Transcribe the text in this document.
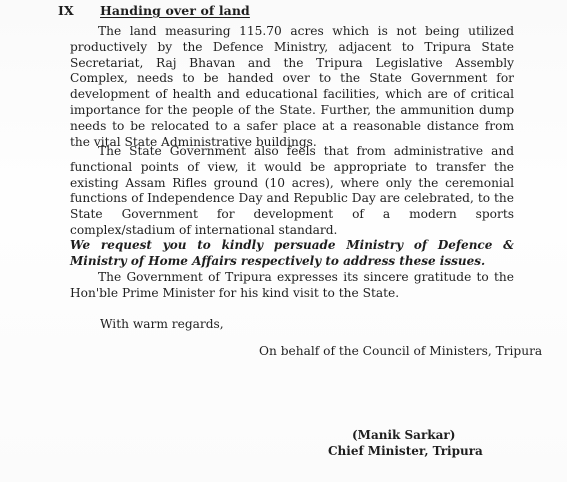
IX Handing over of land

The land measuring 115.70 acres which is not being utilized productively by the Defence Ministry, adjacent to Tripura State Secretariat, Raj Bhavan and the Tripura Legislative Assembly Complex, needs to be handed over to the State Government for development of health and educational facilities, which are of critical importance for the people of the State. Further, the ammunition dump needs to be relocated to a safer place at a reasonable distance from the vital State Administrative buildings.

The State Government also feels that from administrative and functional points of view, it would be appropriate to transfer the existing Assam Rifles ground (10 acres), where only the ceremonial functions of Independence Day and Republic Day are celebrated, to the State Government for development of a modern sports complex/stadium of international standard.

We request you to kindly persuade Ministry of Defence & Ministry of Home Affairs respectively to address these issues.

The Government of Tripura expresses its sincere gratitude to the Hon'ble Prime Minister for his kind visit to the State.

With warm regards,
On behalf of the Council of Ministers, Tripura
(Manik Sarkar)
Chief Minister, Tripura
